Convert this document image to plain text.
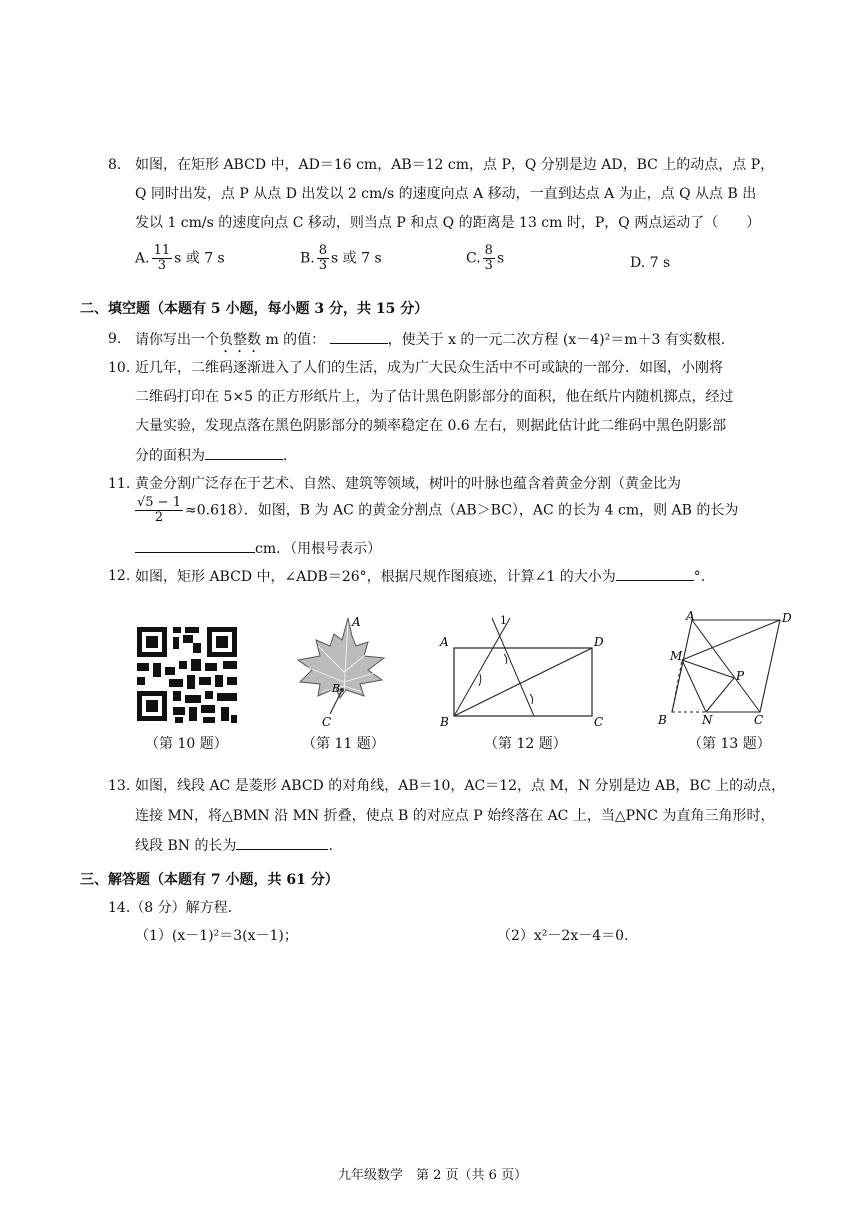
8. 如图，在矩形 ABCD 中，AD＝16 cm，AB＝12 cm，点 P，Q 分别是边 AD，BC 上的动点，点 P，
Q 同时出发，点 P 从点 D 出发以 2 cm/s 的速度向点 A 移动，一直到达点 A 为止，点 Q 从点 B 出
发以 1 cm/s 的速度向点 C 移动，则当点 P 和点 Q 的距离是 13 cm 时，P，Q 两点运动了（　　）
A. $\frac{11}{3}$ s 或 7 s	B. $\frac{8}{3}$ s 或 7 s	C. $\frac{8}{3}$ s	D. 7 s
二、填空题（本题有 5 小题，每小题 3 分，共 15 分）
9. 请你写出一个负整数 m 的值：	，使关于 x 的一元二次方程 (x－4)²＝m＋3 有实数根．
10. 近几年，二维码逐渐进入了人们的生活，成为广大民众生活中不可或缺的一部分．如图，小刚将
二维码打印在 5×5 的正方形纸片上，为了估计黑色阴影部分的面积，他在纸片内随机掷点，经过
大量实验，发现点落在黑色阴影部分的频率稳定在 0.6 左右，则据此估计此二维码中黑色阴影部
分的面积为	．
11. 黄金分割广泛存在于艺术、自然、建筑等领域，树叶的叶脉也蕴含着黄金分割（黄金比为
$\frac{√5 - 1}{2} \approx 0.618$）．如图，B 为 AC 的黄金分割点（AB＞BC），AC 的长为 4 cm，则 AB 的长为
cm．（用根号表示）
12. 如图，矩形 ABCD 中，∠ADB＝26°，根据尺规作图痕迹，计算∠1 的大小为	°.
A
B
C
1
A	D
B	C
A	D
M
P
B	N	C
（第 10 题）	（第 11 题）	（第 12 题）	（第 13 题）
13. 如图，线段 AC 是菱形 ABCD 的对角线，AB＝10，AC＝12，点 M，N 分别是边 AB，BC 上的动点，
连接 MN，将△BMN 沿 MN 折叠，使点 B 的对应点 P 始终落在 AC 上，当△PNC 为直角三角形时，
线段 BN 的长为	.
三、解答题（本题有 7 小题，共 61 分）
14.（8 分）解方程．
（1）(x－1)²＝3(x－1)；	（2）x²－2x－4＝0.
九年级数学　第 2 页（共 6 页）
